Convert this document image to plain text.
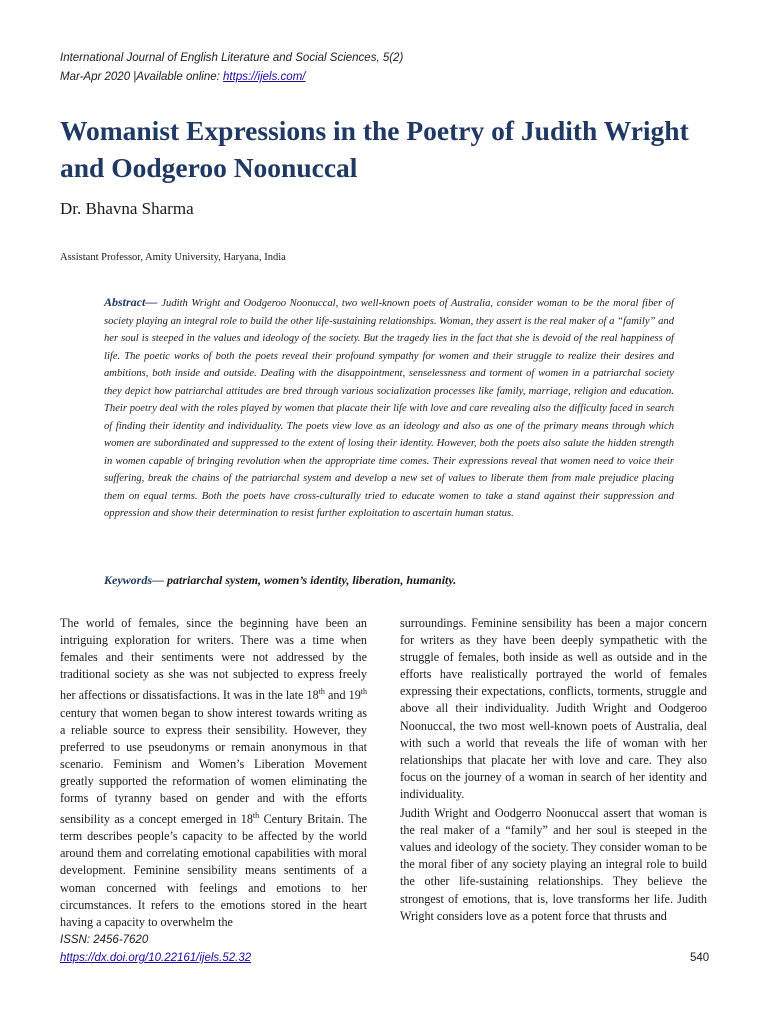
International Journal of English Literature and Social Sciences, 5(2)
Mar-Apr 2020 |Available online: https://ijels.com/
Womanist Expressions in the Poetry of Judith Wright and Oodgeroo Noonuccal
Dr. Bhavna Sharma
Assistant Professor, Amity University, Haryana, India

Abstract— Judith Wright and Oodgeroo Noonuccal, two well-known poets of Australia, consider woman to be the moral fiber of society playing an integral role to build the other life-sustaining relationships. Woman, they assert is the real maker of a “family” and her soul is steeped in the values and ideology of the society. But the tragedy lies in the fact that she is devoid of the real happiness of life. The poetic works of both the poets reveal their profound sympathy for women and their struggle to realize their desires and ambitions, both inside and outside. Dealing with the disappointment, senselessness and torment of women in a patriarchal society they depict how patriarchal attitudes are bred through various socialization processes like family, marriage, religion and education. Their poetry deal with the roles played by women that placate their life with love and care revealing also the difficulty faced in search of finding their identity and individuality. The poets view love as an ideology and also as one of the primary means through which women are subordinated and suppressed to the extent of losing their identity. However, both the poets also salute the hidden strength in women capable of bringing revolution when the appropriate time comes. Their expressions reveal that women need to voice their suffering, break the chains of the patriarchal system and develop a new set of values to liberate them from male prejudice placing them on equal terms. Both the poets have cross-culturally tried to educate women to take a stand against their suppression and oppression and show their determination to resist further exploitation to ascertain human status.

Keywords— patriarchal system, women’s identity, liberation, humanity.

The world of females, since the beginning have been an intriguing exploration for writers. There was a time when females and their sentiments were not addressed by the traditional society as she was not subjected to express freely her affections or dissatisfactions. It was in the late 18th and 19th century that women began to show interest towards writing as a reliable source to express their sensibility. However, they preferred to use pseudonyms or remain anonymous in that scenario. Feminism and Women’s Liberation Movement greatly supported the reformation of women eliminating the forms of tyranny based on gender and with the efforts sensibility as a concept emerged in 18th Century Britain. The term describes people’s capacity to be affected by the world around them and correlating emotional capabilities with moral development. Feminine sensibility means sentiments of a woman concerned with feelings and emotions to her circumstances. It refers to the emotions stored in the heart having a capacity to overwhelm the

surroundings. Feminine sensibility has been a major concern for writers as they have been deeply sympathetic with the struggle of females, both inside as well as outside and in the efforts have realistically portrayed the world of females expressing their expectations, conflicts, torments, struggle and above all their individuality. Judith Wright and Oodgeroo Noonuccal, the two most well-known poets of Australia, deal with such a world that reveals the life of woman with her relationships that placate her with love and care. They also focus on the journey of a woman in search of her identity and individuality.

Judith Wright and Oodgerro Noonuccal assert that woman is the real maker of a “family” and her soul is steeped in the values and ideology of the society. They consider woman to be the moral fiber of any society playing an integral role to build the other life-sustaining relationships. They believe the strongest of emotions, that is, love transforms her life. Judith Wright considers love as a potent force that thrusts and

ISSN: 2456-7620
https://dx.doi.org/10.22161/ijels.52.32	540
